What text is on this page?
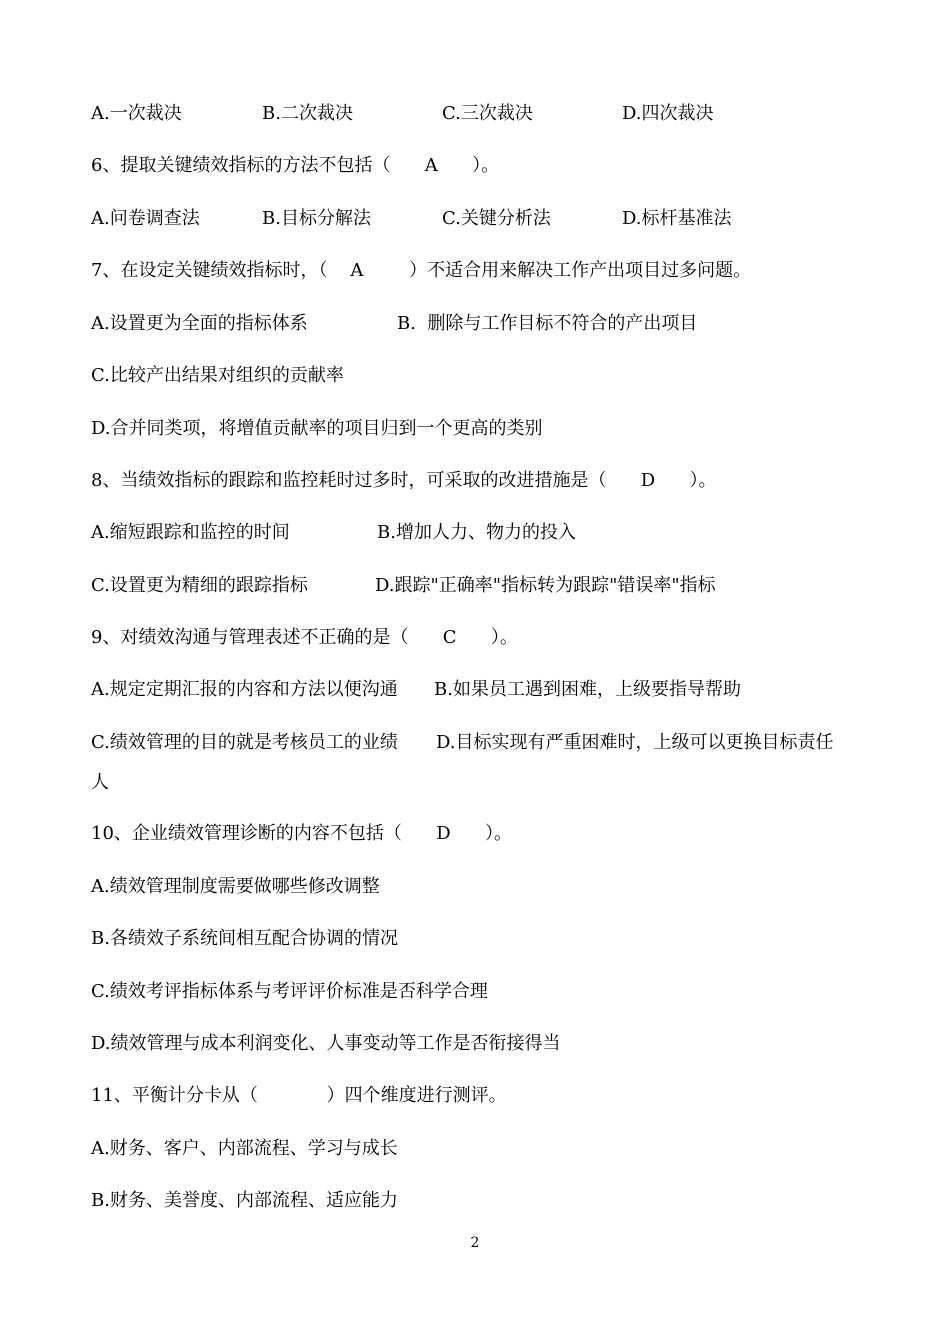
A.一次裁决	B.二次裁决	C.三次裁决	D.四次裁决
6、提取关键绩效指标的方法不包括（      A      ）。
A.问卷调查法	B.目标分解法	C.关键分析法	D.标杆基准法
7、在设定关键绩效指标时，（    A        ）不适合用来解决工作产出项目过多问题。
A.设置更为全面的指标体系	B.  删除与工作目标不符合的产出项目
C.比较产出结果对组织的贡献率
D.合并同类项，将增值贡献率的项目归到一个更高的类别
8、当绩效指标的跟踪和监控耗时过多时，可采取的改进措施是（      D      ）。
A.缩短跟踪和监控的时间	B.增加人力、物力的投入
C.设置更为精细的跟踪指标	D.跟踪"正确率"指标转为跟踪"错误率"指标
9、对绩效沟通与管理表述不正确的是（      C      ）。
A.规定定期汇报的内容和方法以便沟通 B.如果员工遇到困难，上级要指导帮助
C.绩效管理的目的就是考核员工的业绩 D.目标实现有严重困难时，上级可以更换目标责任
人
10、企业绩效管理诊断的内容不包括（      D      ）。
A.绩效管理制度需要做哪些修改调整
B.各绩效子系统间相互配合协调的情况
C.绩效考评指标体系与考评评价标准是否科学合理
D.绩效管理与成本利润变化、人事变动等工作是否衔接得当
11、平衡计分卡从（            ）四个维度进行测评。
A.财务、客户、内部流程、学习与成长
B.财务、美誉度、内部流程、适应能力
2
